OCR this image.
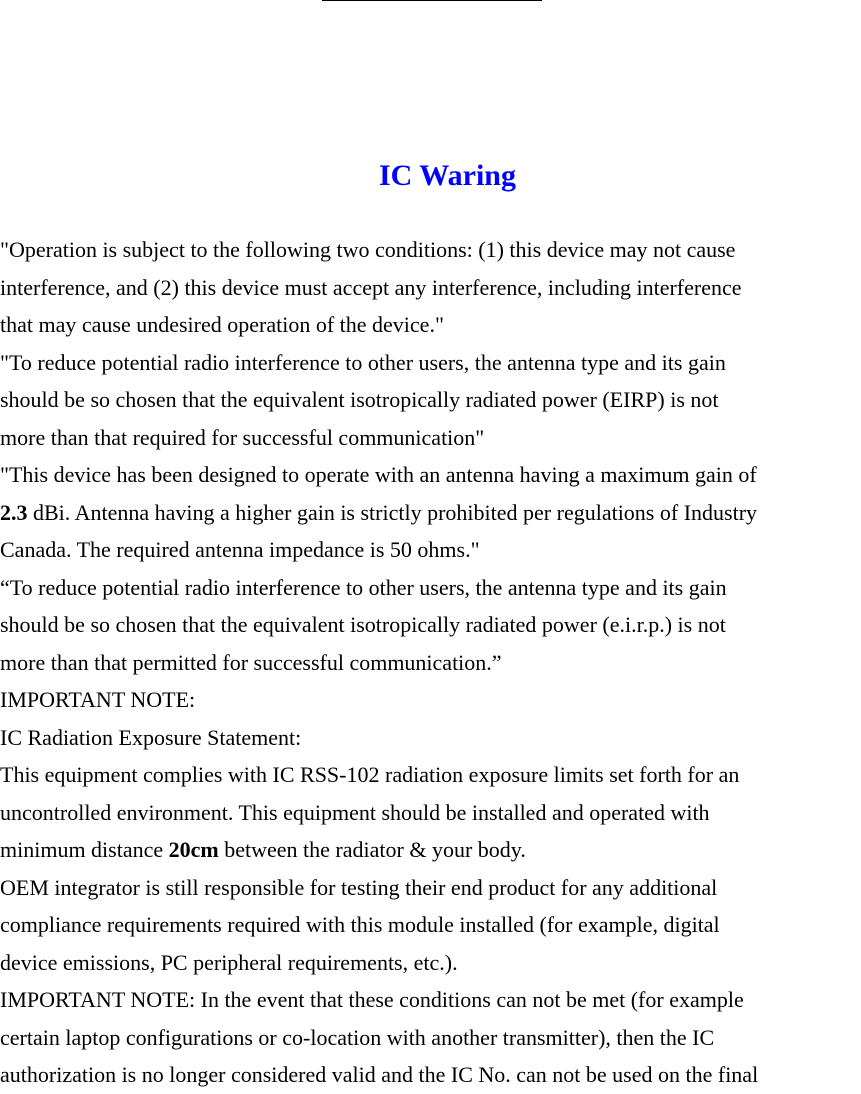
IC Waring
"Operation is subject to the following two conditions: (1) this device may not cause
interference, and (2) this device must accept any interference, including interference
that may cause undesired operation of the device."
"To reduce potential radio interference to other users, the antenna type and its gain
should be so chosen that the equivalent isotropically radiated power (EIRP) is not
more than that required for successful communication"
"This device has been designed to operate with an antenna having a maximum gain of
2.3 dBi. Antenna having a higher gain is strictly prohibited per regulations of Industry
Canada. The required antenna impedance is 50 ohms."
“To reduce potential radio interference to other users, the antenna type and its gain
should be so chosen that the equivalent isotropically radiated power (e.i.r.p.) is not
more than that permitted for successful communication.”
IMPORTANT NOTE:
IC Radiation Exposure Statement:
This equipment complies with IC RSS-102 radiation exposure limits set forth for an
uncontrolled environment. This equipment should be installed and operated with
minimum distance 20cm between the radiator & your body.
OEM integrator is still responsible for testing their end product for any additional
compliance requirements required with this module installed (for example, digital
device emissions, PC peripheral requirements, etc.).
IMPORTANT NOTE: In the event that these conditions can not be met (for example
certain laptop configurations or co-location with another transmitter), then the IC
authorization is no longer considered valid and the IC No. can not be used on the final
